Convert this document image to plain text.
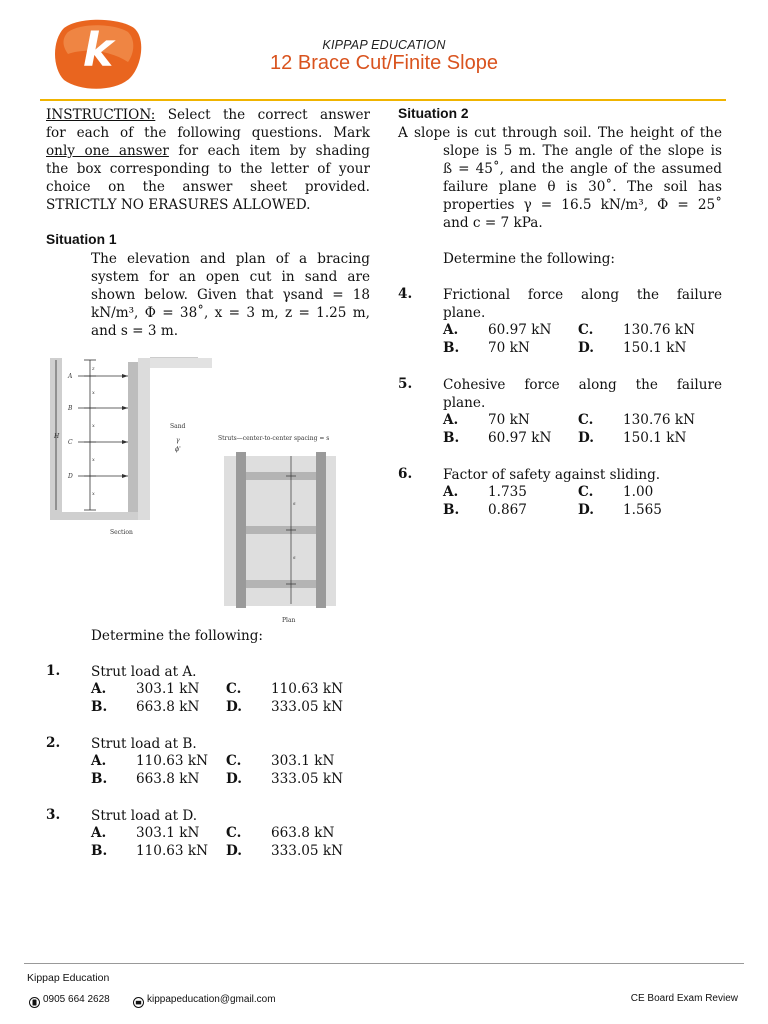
k	KIPPAP EDUCATION
12 Brace Cut/Finite Slope
INSTRUCTION: Select the correct answer
for each of the following questions. Mark
only one answer for each item by shading
the box corresponding to the letter of your
choice on the answer sheet provided.
STRICTLY NO ERASURES ALLOWED.
Situation 1
The elevation and plan of a bracing
system for an open cut in sand are
shown below. Given that γsand = 18
kN/m³, Φ = 38˚, x = 3 m, z = 1.25 m,
and s = 3 m.
H
A
B
C
D
z
x
x
x
x
Sand
γ
ϕ'
Section
Struts—center-to-center spacing = s
s
s
Plan
Determine the following:
1. Strut load at A.
A. 303.1 kN C. 110.63 kN
B. 663.8 kN D. 333.05 kN
2. Strut load at B.
A. 110.63 kN C. 303.1 kN
B. 663.8 kN D. 333.05 kN
3. Strut load at D.
A. 303.1 kN C. 663.8 kN
B. 110.63 kN D. 333.05 kN
Situation 2
A slope is cut through soil. The height of the
slope is 5 m. The angle of the slope is
ß = 45˚, and the angle of the assumed
failure plane θ is 30˚. The soil has
properties γ = 16.5 kN/m³, Φ = 25˚
and c = 7 kPa.
Determine the following:
4. Frictional force along the failure
plane.
A. 60.97 kN C. 130.76 kN
B. 70 kN	D. 150.1 kN
5. Cohesive force along the failure
plane.
A. 70 kN	C. 130.76 kN
B. 60.97 kN D. 150.1 kN
6. Factor of safety against sliding.
A. 1.735	C. 1.00
B. 0.867	D. 1.565
Kippap Education
0905 664 2628	kippapeducation@gmail.com	CE Board Exam Review
